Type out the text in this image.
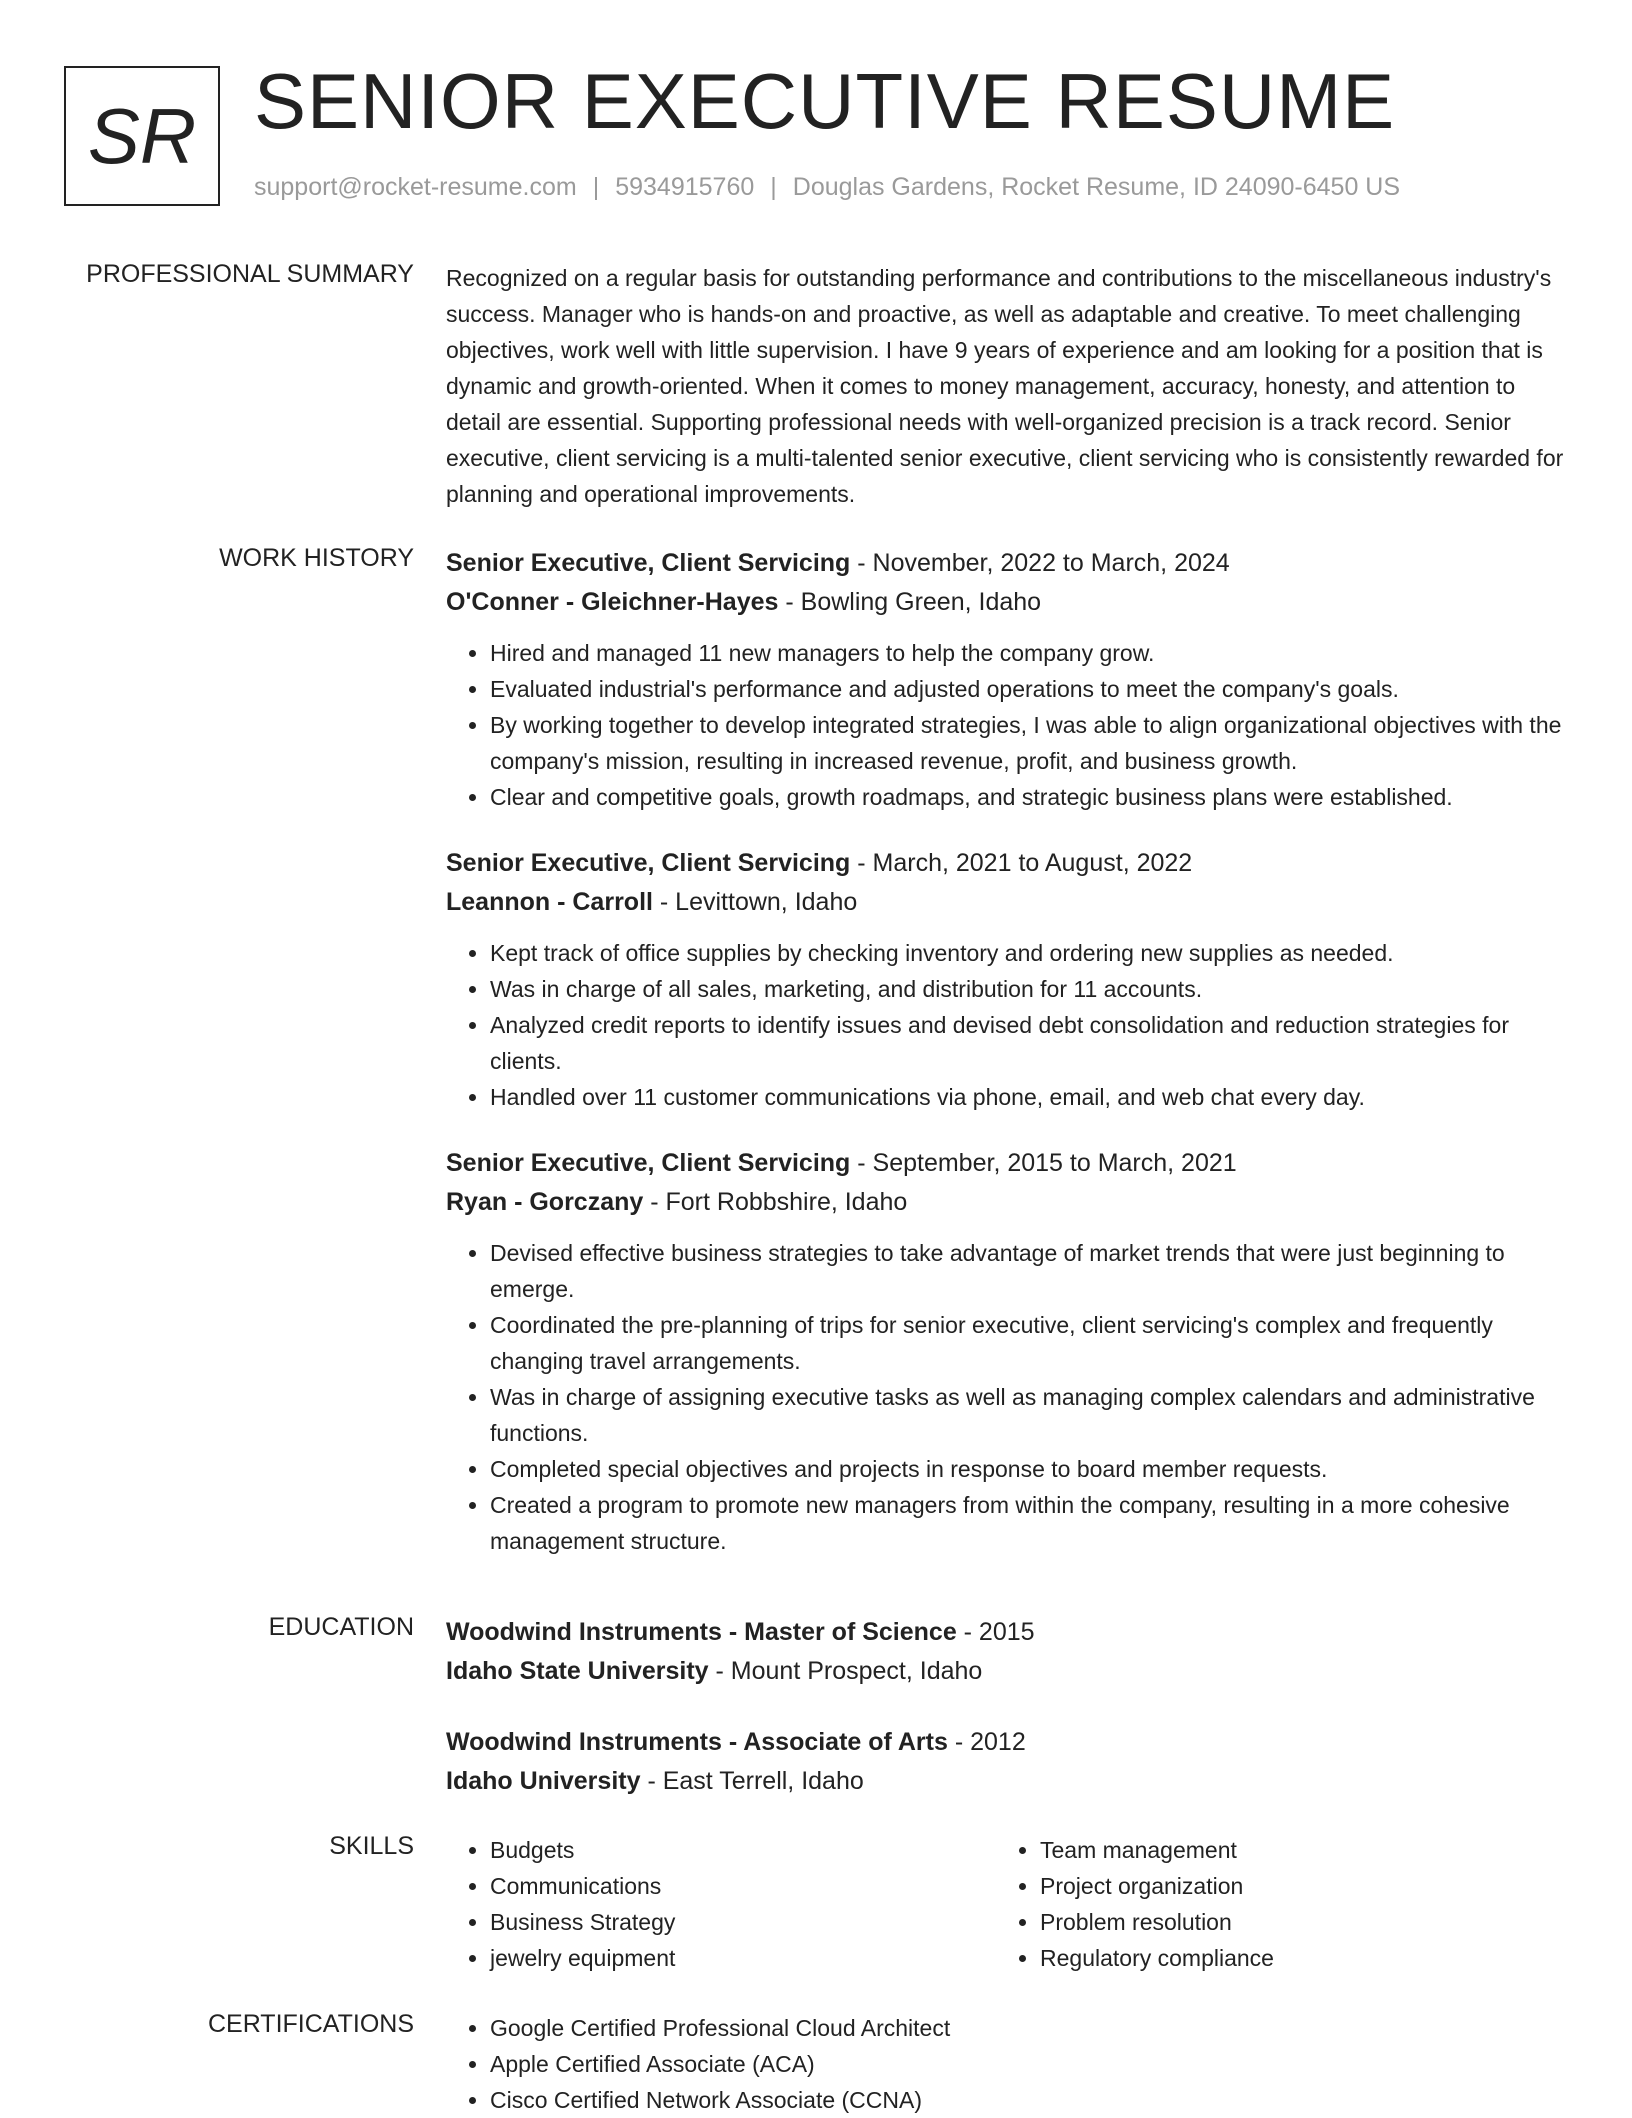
SR SENIOR EXECUTIVE RESUME
support@rocket-resume.com | 5934915760 | Douglas Gardens, Rocket Resume, ID 24090-6450 US
PROFESSIONAL SUMMARY Recognized on a regular basis for outstanding performance and contributions to the miscellaneous industry's success. Manager who is hands-on and proactive, as well as adaptable and creative. To meet challenging objectives, work well with little supervision. I have 9 years of experience and am looking for a position that is dynamic and growth-oriented. When it comes to money management, accuracy, honesty, and attention to detail are essential. Supporting professional needs with well-organized precision is a track record. Senior executive, client servicing is a multi-talented senior executive, client servicing who is consistently rewarded for planning and operational improvements.

WORK HISTORY Senior Executive, Client Servicing - November, 2022 to March, 2024
O'Conner - Gleichner-Hayes - Bowling Green, Idaho
• Hired and managed 11 new managers to help the company grow.
• Evaluated industrial's performance and adjusted operations to meet the company's goals.
• By working together to develop integrated strategies, I was able to align organizational objectives with the company's mission, resulting in increased revenue, profit, and business growth.
• Clear and competitive goals, growth roadmaps, and strategic business plans were established.
Senior Executive, Client Servicing - March, 2021 to August, 2022
Leannon - Carroll - Levittown, Idaho
• Kept track of office supplies by checking inventory and ordering new supplies as needed.
• Was in charge of all sales, marketing, and distribution for 11 accounts.
• Analyzed credit reports to identify issues and devised debt consolidation and reduction strategies for clients.
• Handled over 11 customer communications via phone, email, and web chat every day.
Senior Executive, Client Servicing - September, 2015 to March, 2021
Ryan - Gorczany - Fort Robbshire, Idaho
• Devised effective business strategies to take advantage of market trends that were just beginning to emerge.
• Coordinated the pre-planning of trips for senior executive, client servicing's complex and frequently changing travel arrangements.
• Was in charge of assigning executive tasks as well as managing complex calendars and administrative functions.
• Completed special objectives and projects in response to board member requests.
• Created a program to promote new managers from within the company, resulting in a more cohesive management structure.
EDUCATION Woodwind Instruments - Master of Science - 2015
Idaho State University - Mount Prospect, Idaho
Woodwind Instruments - Associate of Arts - 2012
Idaho University - East Terrell, Idaho
SKILLS	• Budgets
• Communications
• Business Strategy
• jewelry equipment
• Team management
• Project organization
• Problem resolution
• Regulatory compliance
CERTIFICATIONS	• Google Certified Professional Cloud Architect
• Apple Certified Associate (ACA)
• Cisco Certified Network Associate (CCNA)
